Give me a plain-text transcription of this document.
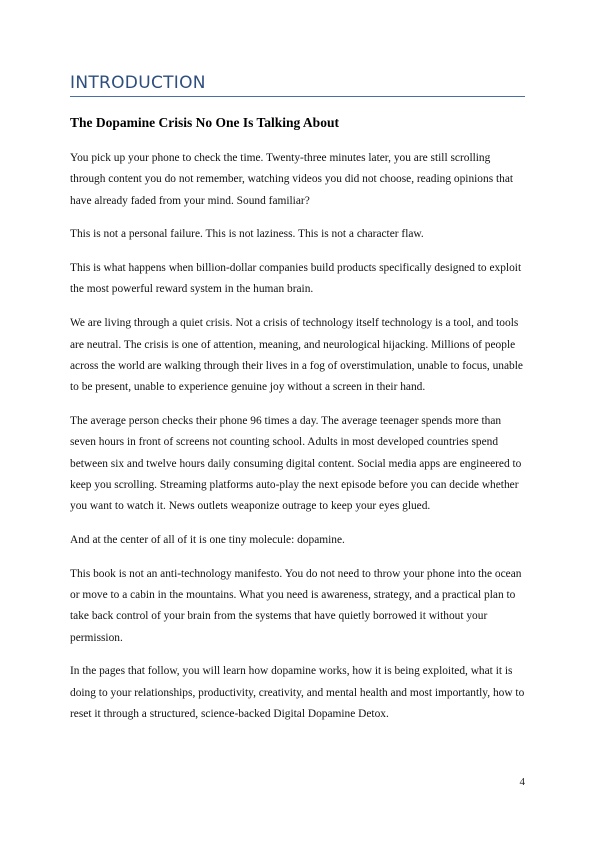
INTRODUCTION
The Dopamine Crisis No One Is Talking About

You pick up your phone to check the time. Twenty-three minutes later, you are still scrolling through content you do not remember, watching videos you did not choose, reading opinions that have already faded from your mind. Sound familiar?

This is not a personal failure. This is not laziness. This is not a character flaw.

This is what happens when billion-dollar companies build products specifically designed to exploit the most powerful reward system in the human brain.

We are living through a quiet crisis. Not a crisis of technology itself technology is a tool, and tools are neutral. The crisis is one of attention, meaning, and neurological hijacking. Millions of people across the world are walking through their lives in a fog of overstimulation, unable to focus, unable to be present, unable to experience genuine joy without a screen in their hand.

The average person checks their phone 96 times a day. The average teenager spends more than seven hours in front of screens not counting school. Adults in most developed countries spend between six and twelve hours daily consuming digital content. Social media apps are engineered to keep you scrolling. Streaming platforms auto-play the next episode before you can decide whether you want to watch it. News outlets weaponize outrage to keep your eyes glued.

And at the center of all of it is one tiny molecule: dopamine.

This book is not an anti-technology manifesto. You do not need to throw your phone into the ocean or move to a cabin in the mountains. What you need is awareness, strategy, and a practical plan to take back control of your brain from the systems that have quietly borrowed it without your permission.

In the pages that follow, you will learn how dopamine works, how it is being exploited, what it is doing to your relationships, productivity, creativity, and mental health and most importantly, how to reset it through a structured, science-backed Digital Dopamine Detox.

4
